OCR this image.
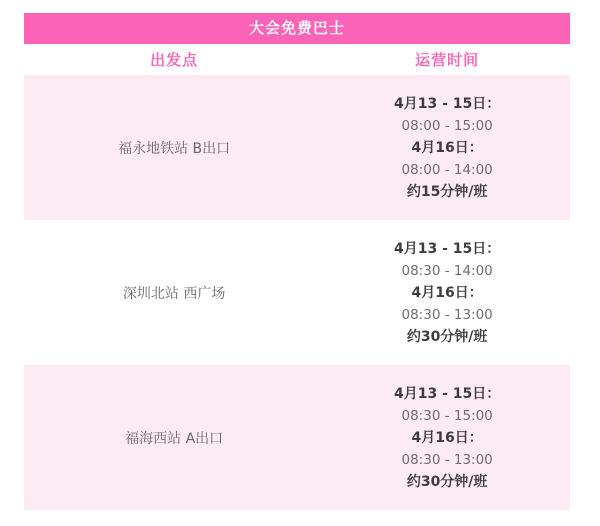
大会免费巴士
出发点	运营时间
福永地铁站 B出口
4月13 - 15日：
08:00 - 15:00
4月16日：
08:00 - 14:00
约15分钟/班
深圳北站 西广场
4月13 - 15日：
08:30 - 14:00
4月16日：
08:30 - 13:00
约30分钟/班
福海西站 A出口
4月13 - 15日：
08:30 - 15:00
4月16日：
08:30 - 13:00
约30分钟/班
